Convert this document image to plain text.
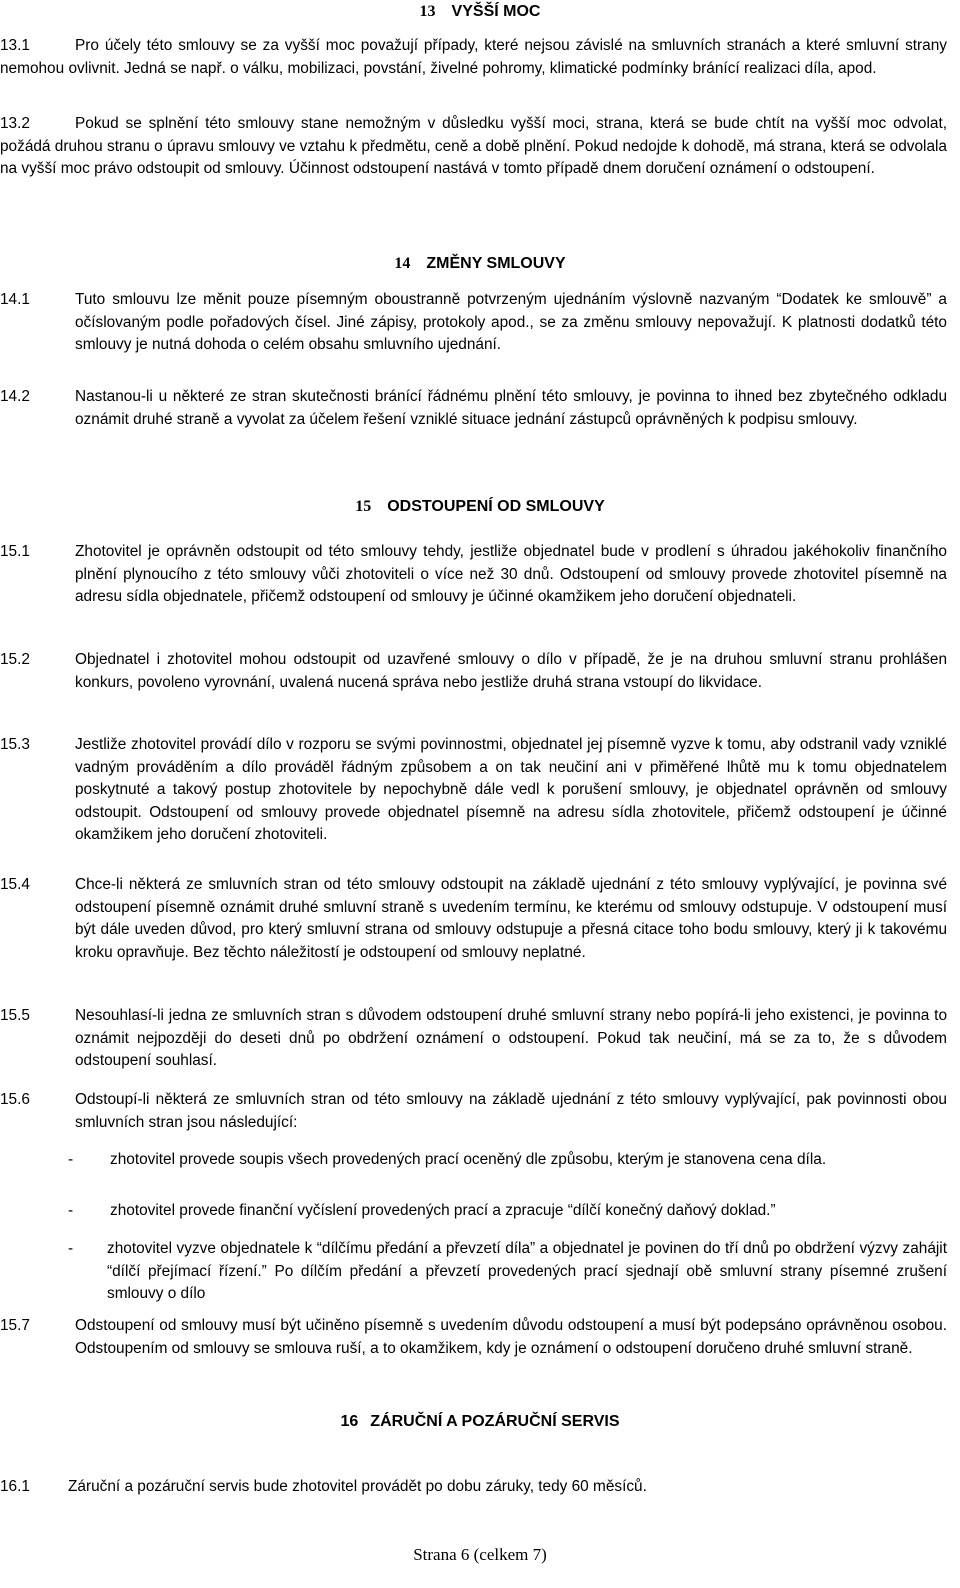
13 VYŠŠÍ MOC
13.1	Pro účely této smlouvy se za vyšší moc považují případy, které nejsou závislé na smluvních stranách a které smluvní strany nemohou ovlivnit. Jedná se např. o válku, mobilizaci, povstání, živelné pohromy, klimatické podmínky bránící realizaci díla, apod.
13.2	Pokud se splnění této smlouvy stane nemožným v důsledku vyšší moci, strana, která se bude chtít na vyšší moc odvolat, požádá druhou stranu o úpravu smlouvy ve vztahu k předmětu, ceně a době plnění. Pokud nedojde k dohodě, má strana, která se odvolala na vyšší moc právo odstoupit od smlouvy. Účinnost odstoupení nastává v tomto případě dnem doručení oznámení o odstoupení.
14 ZMĚNY SMLOUVY
14.1	Tuto smlouvu lze měnit pouze písemným oboustranně potvrzeným ujednáním výslovně nazvaným “Dodatek ke smlouvě” a očíslovaným podle pořadových čísel. Jiné zápisy, protokoly apod., se za změnu smlouvy nepovažují. K platnosti dodatků této smlouvy je nutná dohoda o celém obsahu smluvního ujednání.
14.2	Nastanou-li u některé ze stran skutečnosti bránící řádnému plnění této smlouvy, je povinna to ihned bez zbytečného odkladu oznámit druhé straně a vyvolat za účelem řešení vzniklé situace jednání zástupců oprávněných k podpisu smlouvy.
15 ODSTOUPENÍ OD SMLOUVY
15.1	Zhotovitel je oprávněn odstoupit od této smlouvy tehdy, jestliže objednatel bude v prodlení s úhradou jakéhokoliv finančního plnění plynoucího z této smlouvy vůči zhotoviteli o více než 30 dnů. Odstoupení od smlouvy provede zhotovitel písemně na adresu sídla objednatele, přičemž odstoupení od smlouvy je účinné okamžikem jeho doručení objednateli.
15.2	Objednatel i zhotovitel mohou odstoupit od uzavřené smlouvy o dílo v případě, že je na druhou smluvní stranu prohlášen konkurs, povoleno vyrovnání, uvalená nucená správa nebo jestliže druhá strana vstoupí do likvidace.
15.3	Jestliže zhotovitel provádí dílo v rozporu se svými povinnostmi, objednatel jej písemně vyzve k tomu, aby odstranil vady vzniklé vadným prováděním a dílo prováděl řádným způsobem a on tak neučiní ani v přiměřené lhůtě mu k tomu objednatelem poskytnuté a takový postup zhotovitele by nepochybně dále vedl k porušení smlouvy, je objednatel oprávněn od smlouvy odstoupit. Odstoupení od smlouvy provede objednatel písemně na adresu sídla zhotovitele, přičemž odstoupení je účinné okamžikem jeho doručení zhotoviteli.
15.4	Chce-li některá ze smluvních stran od této smlouvy odstoupit na základě ujednání z této smlouvy vyplývající, je povinna své odstoupení písemně oznámit druhé smluvní straně s uvedením termínu, ke kterému od smlouvy odstupuje. V odstoupení musí být dále uveden důvod, pro který smluvní strana od smlouvy odstupuje a přesná citace toho bodu smlouvy, který ji k takovému kroku opravňuje. Bez těchto náležitostí je odstoupení od smlouvy neplatné.
15.5	Nesouhlasí-li jedna ze smluvních stran s důvodem odstoupení druhé smluvní strany nebo popírá-li jeho existenci, je povinna to oznámit nejpozději do deseti dnů po obdržení oznámení o odstoupení. Pokud tak neučiní, má se za to, že s důvodem odstoupení souhlasí.
15.6	Odstoupí-li některá ze smluvních stran od této smlouvy na základě ujednání z této smlouvy vyplývající, pak povinnosti obou smluvních stran jsou následující:
- zhotovitel provede soupis všech provedených prací oceněný dle způsobu, kterým je stanovena cena díla.
- zhotovitel provede finanční vyčíslení provedených prací a zpracuje “dílčí konečný daňový doklad.”
- zhotovitel vyzve objednatele k “dílčímu předání a převzetí díla” a objednatel je povinen do tří dnů po obdržení výzvy zahájit “dílčí přejímací řízení.” Po dílčím předání a převzetí provedených prací sjednají obě smluvní strany písemné zrušení smlouvy o dílo
15.7	Odstoupení od smlouvy musí být učiněno písemně s uvedením důvodu odstoupení a musí být podepsáno oprávněnou osobou. Odstoupením od smlouvy se smlouva ruší, a to okamžikem, kdy je oznámení o odstoupení doručeno druhé smluvní straně.
16 ZÁRUČNÍ A POZÁRUČNÍ SERVIS
16.1 Záruční a pozáruční servis bude zhotovitel provádět po dobu záruky, tedy 60 měsíců.
Strana 6 (celkem 7)
